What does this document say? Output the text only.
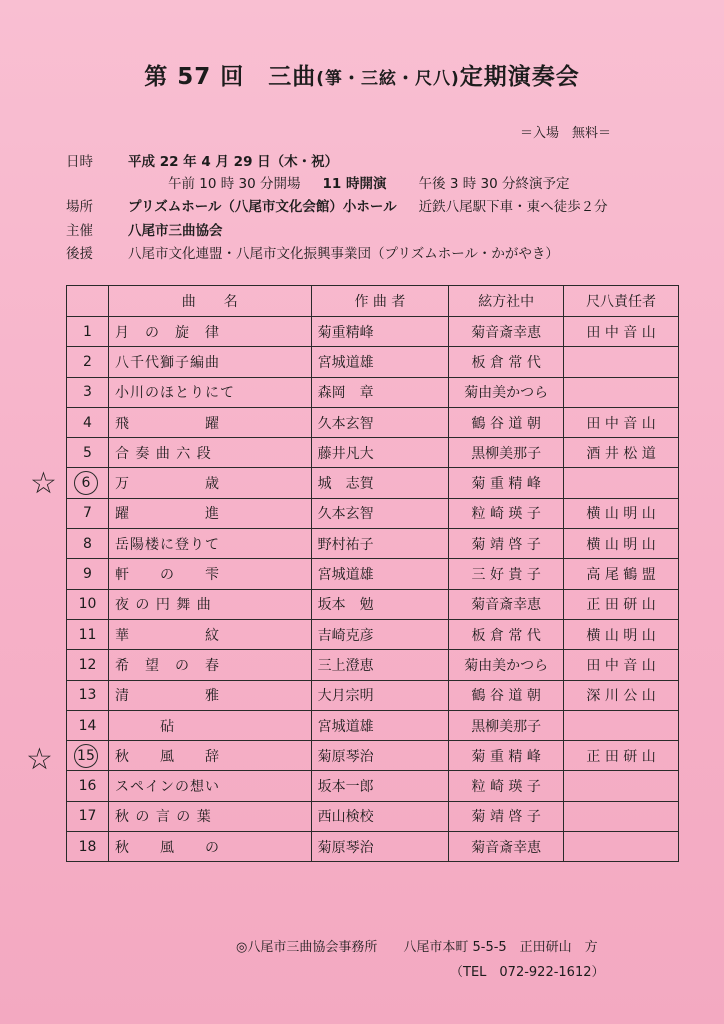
第 57 回　三曲(箏・三絃・尺八)定期演奏会
＝入場　無料＝
日時	平成 22 年 4 月 29 日（木・祝）
午前 10 時 30 分開場 11 時開演 午後 3 時 30 分終演予定
場所	プリズムホール（八尾市文化会館）小ホール 近鉄八尾駅下車・東へ徒歩２分
主催	八尾市三曲協会
後援	八尾市文化連盟・八尾市文化振興事業団（プリズムホール・かがやき）
	曲　　名	作 曲 者	絃方社中	尺八責任者
1	月　の　旋　律	菊重精峰	菊音斎幸恵	田 中 音 山
2	八千代獅子編曲	宮城道雄	板 倉 常 代	
3	小川のほとりにて	森岡　章	菊由美かつら	
4	飛　　　　　躍	久本玄智	鶴 谷 道 朝	田 中 音 山
5	合 奏 曲 六 段	藤井凡大	黒柳美那子	酒 井 松 道
6	万　　　　　歳	城　志賀	菊 重 精 峰	
7	躍　　　　　進	久本玄智	粒 崎 瑛 子	横 山 明 山
8	岳陽楼に登りて	野村祐子	菊 靖 啓 子	横 山 明 山
9	軒　　の　　雫	宮城道雄	三 好 貴 子	高 尾 鶴 盟
10	夜 の 円 舞 曲	坂本　勉	菊音斎幸恵	正 田 研 山
11	華　　　　　紋	吉崎克彦	板 倉 常 代	横 山 明 山
12	希　望　の　春	三上澄恵	菊由美かつら	田 中 音 山
13	清　　　　　雅	大月宗明	鶴 谷 道 朝	深 川 公 山
14	　　　砧	宮城道雄	黒柳美那子	
15	秋　　風　　辞	菊原琴治	菊 重 精 峰	正 田 研 山
16	スペインの想い	坂本一郎	粒 崎 瑛 子	
17	秋 の 言 の 葉	西山検校	菊 靖 啓 子	
18	秋　　風　　の	菊原琴治	菊音斎幸恵	
☆
☆
◎八尾市三曲協会事務所　　八尾市本町 5-5-5　正田研山　方
（TEL　072-922-1612）
